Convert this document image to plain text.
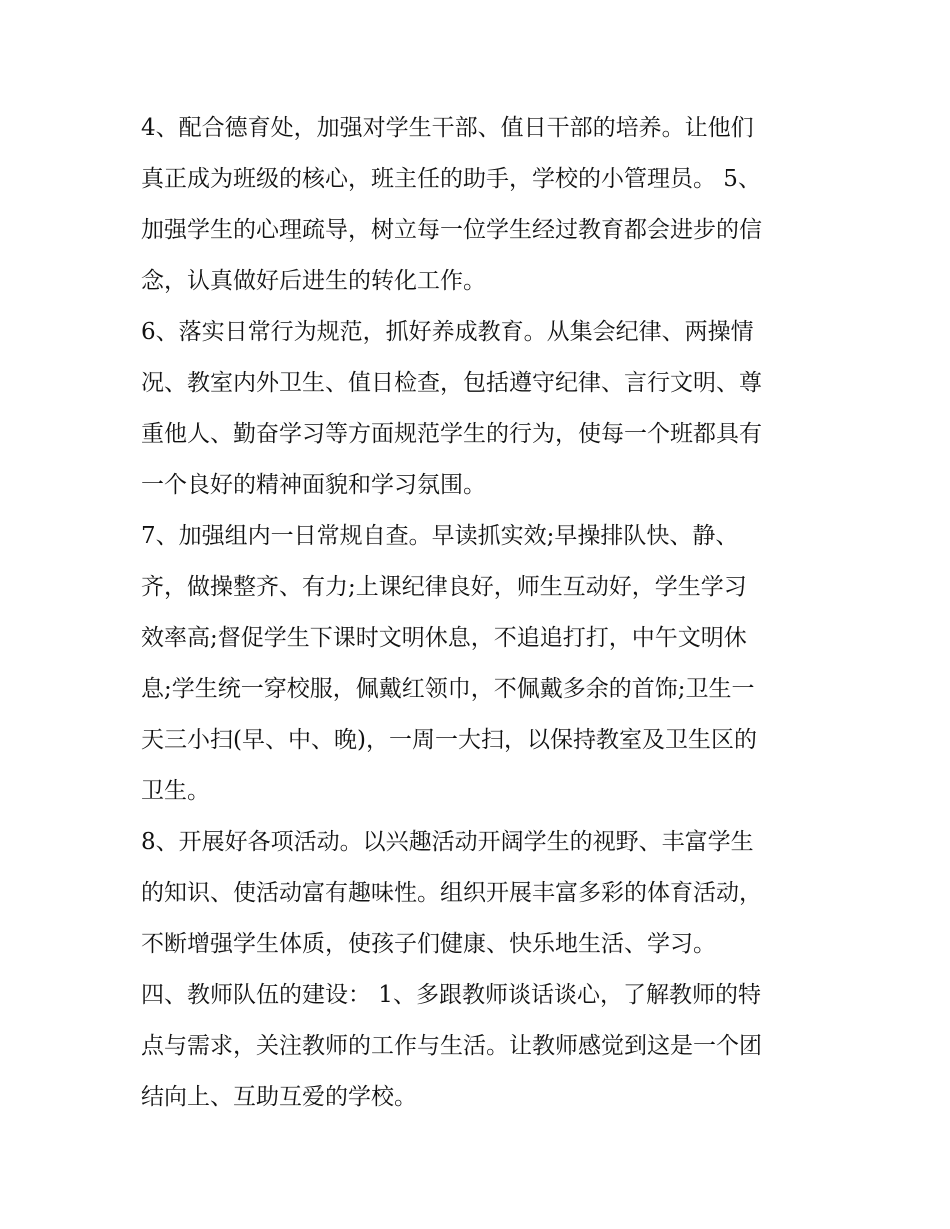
4、配合德育处，加强对学生干部、值日干部的培养。让他们
真正成为班级的核心，班主任的助手，学校的小管理员。 5、
加强学生的心理疏导，树立每一位学生经过教育都会进步的信
念，认真做好后进生的转化工作。
6、落实日常行为规范，抓好养成教育。从集会纪律、两操情
况、教室内外卫生、值日检查，包括遵守纪律、言行文明、尊
重他人、勤奋学习等方面规范学生的行为，使每一个班都具有
一个良好的精神面貌和学习氛围。
7、加强组内一日常规自查。早读抓实效;早操排队快、静、
齐，做操整齐、有力;上课纪律良好，师生互动好，学生学习
效率高;督促学生下课时文明休息，不追追打打，中午文明休
息;学生统一穿校服，佩戴红领巾，不佩戴多余的首饰;卫生一
天三小扫(早、中、晚)，一周一大扫，以保持教室及卫生区的
卫生。
8、开展好各项活动。以兴趣活动开阔学生的视野、丰富学生
的知识、使活动富有趣味性。组织开展丰富多彩的体育活动，
不断增强学生体质，使孩子们健康、快乐地生活、学习。
四、教师队伍的建设： 1、多跟教师谈话谈心，了解教师的特
点与需求，关注教师的工作与生活。让教师感觉到这是一个团
结向上、互助互爱的学校。
